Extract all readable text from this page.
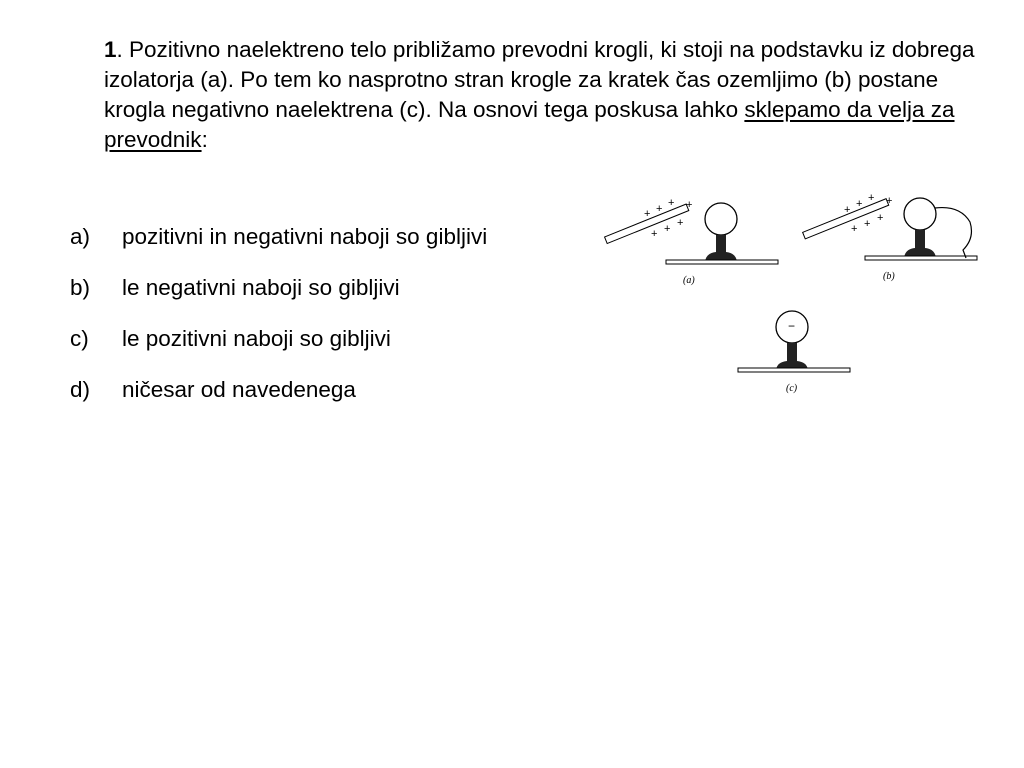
1. Pozitivno naelektreno telo približamo prevodni krogli, ki stoji na podstavku iz dobrega izolatorja (a). Po tem ko nasprotno stran krogle za kratek čas ozemljimo (b) postane krogla negativno naelektrena (c). Na osnovi tega poskusa lahko sklepamo da velja za prevodnik:

a)	pozitivni in negativni naboji so gibljivi
b)	le negativni naboji so gibljivi
c)	le pozitivni naboji so gibljivi
d)	ničesar od navedenega
+ + + +
+ + +
(a)
+ + + +
+ + +
(b)
−
(c)
